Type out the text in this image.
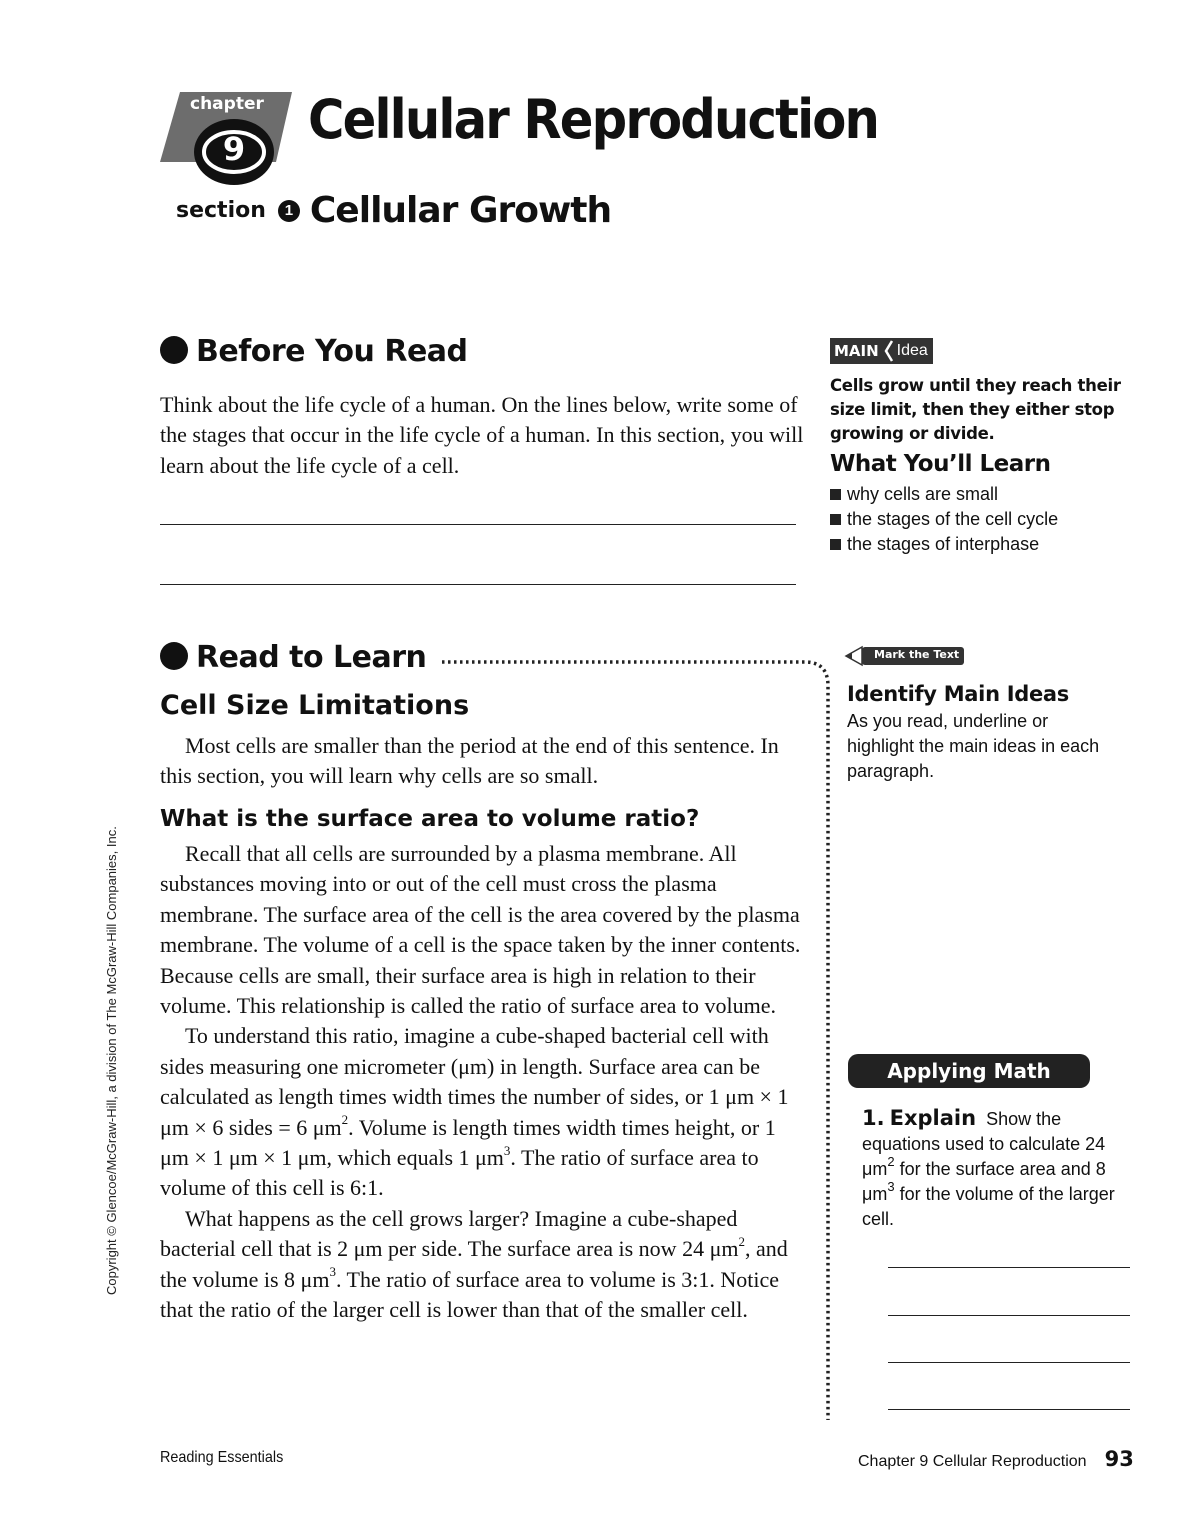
chapter
9 Cellular Reproduction
section 1 Cellular Growth
Before You Read
Think about the life cycle of a human. On the lines below, write some of the stages that occur in the life cycle of a human. In this section, you will learn about the life cycle of a cell.
Read to Learn
Cell Size Limitations

Most cells are smaller than the period at the end of this sentence. In this section, you will learn why cells are so small.

What is the surface area to volume ratio?

Recall that all cells are surrounded by a plasma membrane. All substances moving into or out of the cell must cross the plasma membrane. The surface area of the cell is the area covered by the plasma membrane. The volume of a cell is the space taken by the inner contents. Because cells are small, their surface area is high in relation to their volume. This relationship is called the ratio of surface area to volume.

To understand this ratio, imagine a cube-shaped bacterial cell with sides measuring one micrometer (μm) in length. Surface area can be calculated as length times width times the number of sides, or 1 μm × 1 μm × 6 sides = 6 $\mu m^2$. Volume is length times width times height, or 1 μm × 1 μm × 1 μm, which equals 1 $\mu m^3$. The ratio of surface area to volume of this cell is 6:1.

What happens as the cell grows larger? Imagine a cube-shaped bacterial cell that is 2 μm per side. The surface area is now 24 $\mu m^2$, and the volume is 8 $\mu m^3$. The ratio of surface area to volume is 3:1. Notice that the ratio of the larger cell is lower than that of the smaller cell.

Copyright © Glencoe/McGraw-Hill, a division of The McGraw-Hill Companies, Inc.
MAIN Idea
Cells grow until they reach their size limit, then they either stop growing or divide.
What You’ll Learn
why cells are small
the stages of the cell cycle
the stages of interphase
Mark the Text
Identify Main Ideas
As you read, underline or highlight the main ideas in each paragraph.
Applying Math
1. Explain Show the equations used to calculate 24 $\mu m^2$ for the surface area and 8 $\mu m^3$ for the volume of the larger cell.
Reading Essentials	Chapter 9 Cellular Reproduction 93
